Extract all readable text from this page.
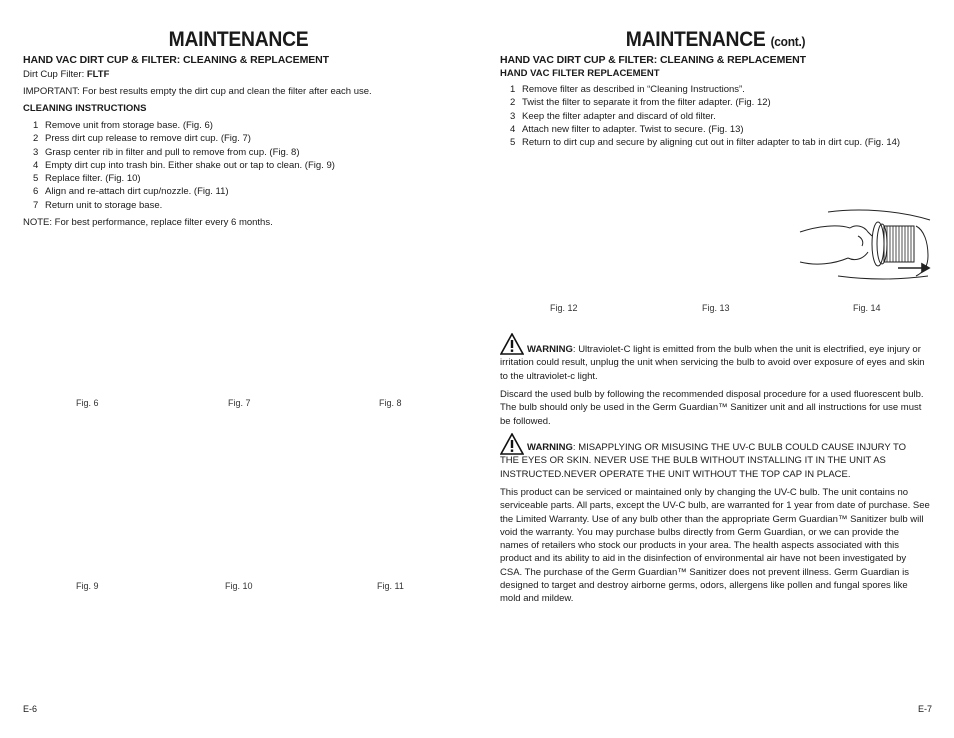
MAINTENANCE
HAND VAC DIRT CUP & FILTER: CLEANING & REPLACEMENT
Dirt Cup Filter: FLTF
IMPORTANT: For best results empty the dirt cup and clean the filter after each use.
CLEANING INSTRUCTIONS
1 Remove unit from storage base. (Fig. 6)
2 Press dirt cup release to remove dirt cup. (Fig. 7)
3 Grasp center rib in filter and pull to remove from cup. (Fig. 8)
4 Empty dirt cup into trash bin. Either shake out or tap to clean. (Fig. 9)
5 Replace filter. (Fig. 10)
6 Align and re-attach dirt cup/nozzle. (Fig. 11)
7 Return unit to storage base.
NOTE: For best performance, replace filter every 6 months.
Fig. 6	Fig. 7	Fig. 8
Fig. 9	Fig. 10	Fig. 11
E-6
MAINTENANCE (cont.)
HAND VAC DIRT CUP & FILTER: CLEANING & REPLACEMENT
HAND VAC FILTER REPLACEMENT
1 Remove filter as described in “Cleaning Instructions”.
2 Twist the filter to separate it from the filter adapter. (Fig. 12)
3 Keep the filter adapter and discard of old filter.
4 Attach new filter to adapter. Twist to secure. (Fig. 13)
5 Return to dirt cup and secure by aligning cut out in filter adapter to tab in dirt cup. (Fig. 14)
Fig. 12	Fig. 13	Fig. 14
WARNING: Ultraviolet-C light is emitted from the bulb when the unit is electrified, eye injury or irritation could result, unplug the unit when servicing the bulb to avoid over exposure of eyes and skin to the ultraviolet-c light.
Discard the used bulb by following the recommended disposal procedure for a used fluorescent bulb. The bulb should only be used in the Germ Guardian™ Sanitizer unit and all instructions for use must be followed.
WARNING: MISAPPLYING OR MISUSING THE UV-C BULB COULD CAUSE INJURY TO THE EYES OR SKIN. NEVER USE THE BULB WITHOUT INSTALLING IT IN THE UNIT AS INSTRUCTED.NEVER OPERATE THE UNIT WITHOUT THE TOP CAP IN PLACE.
This product can be serviced or maintained only by changing the UV-C bulb. The unit contains no serviceable parts. All parts, except the UV-C bulb, are warranted for 1 year from date of purchase. See the Limited Warranty. Use of any bulb other than the appropriate Germ Guardian™ Sanitizer bulb will void the warranty. You may purchase bulbs directly from Germ Guardian, or we can provide the names of retailers who stock our products in your area. The health aspects associated with this product and its ability to aid in the disinfection of environmental air have not been investigated by CSA. The purchase of the Germ Guardian™ Sanitizer does not prevent illness. Germ Guardian is designed to target and destroy airborne germs, odors, allergens like pollen and fungal spores like mold and mildew.
E-7
